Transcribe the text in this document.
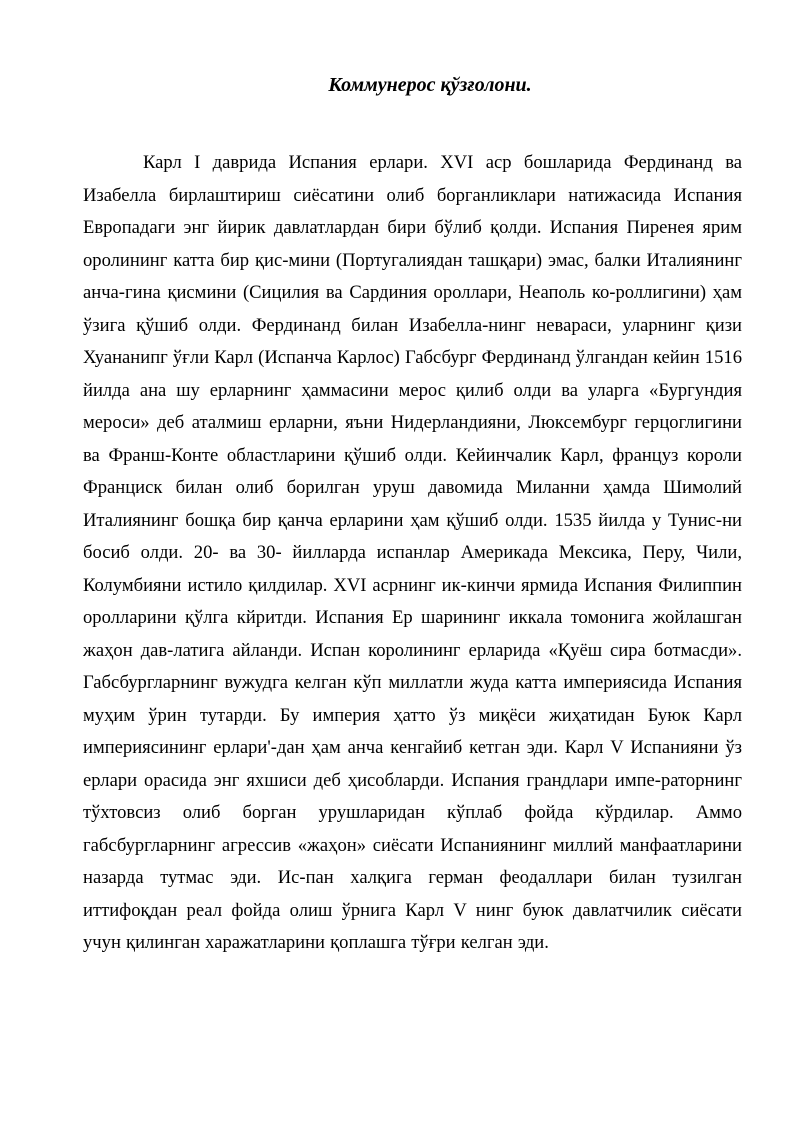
Коммунерос қўзғолони.

Карл I даврида Испания ерлари. XVI аср бошларида Фердинанд ва Изабелла бирлаштириш сиёсатини олиб борганликлари натижасида Испания Европадаги энг йирик давлатлардан бири бўлиб қолди. Испания Пиренея ярим оролининг катта бир қис-мини (Португалиядан ташқари) эмас, балки Италиянинг анча-гина қисмини (Сицилия ва Сардиния ороллари, Неаполь ко-роллигини) ҳам ўзига қўшиб олди. Фердинанд билан Изабелла-нинг невараси, уларнинг қизи Хуананипг ўғли Карл (Испанча Карлос) Габсбург Фердинанд ўлгандан кейин 1516 йилда ана шу ерларнинг ҳаммасини мерос қилиб олди ва уларга «Бургундия мероси» деб аталмиш ерларни, яъни Нидерландияни, Люксембург герцоглигини ва Франш-Конте областларини қўшиб олди. Кейинчалик Карл, француз короли Франциск билан олиб борилган уруш давомида Миланни ҳамда Шимолий Италиянинг бошқа бир қанча ерларини ҳам қўшиб олди. 1535 йилда у Тунис-ни босиб олди. 20- ва 30- йилларда испанлар Америкада Мексика, Перу, Чили, Колумбияни истило қилдилар. XVI асрнинг ик-кинчи ярмида Испания Филиппин оролларини қўлга кйритди. Испания Ер шарининг иккала томонига жойлашган жаҳон дав-латига айланди. Испан королининг ерларида «Қуёш сира ботмасди». Габсбургларнинг вужудга келган кўп миллатли жуда катта империясида Испания муҳим ўрин тутарди. Бу империя ҳатто ўз миқёси жиҳатидан Буюк Карл империясининг ерлари'-дан ҳам анча кенгайиб кетган эди. Карл V Испанияни ўз ерлари орасида энг яхшиси деб ҳисобларди. Испания грандлари импе-раторнинг тўхтовсиз олиб борган урушларидан кўплаб фойда кўрдилар. Аммо габсбургларнинг агрессив «жаҳон» сиёсати Испаниянинг миллий манфаатларини назарда тутмас эди. Ис-пан халқига герман феодаллари билан тузилган иттифоқдан реал фойда олиш ўрнига Карл V нинг буюк давлатчилик сиёсати учун қилинган харажатларини қоплашга тўғри келган эди.
